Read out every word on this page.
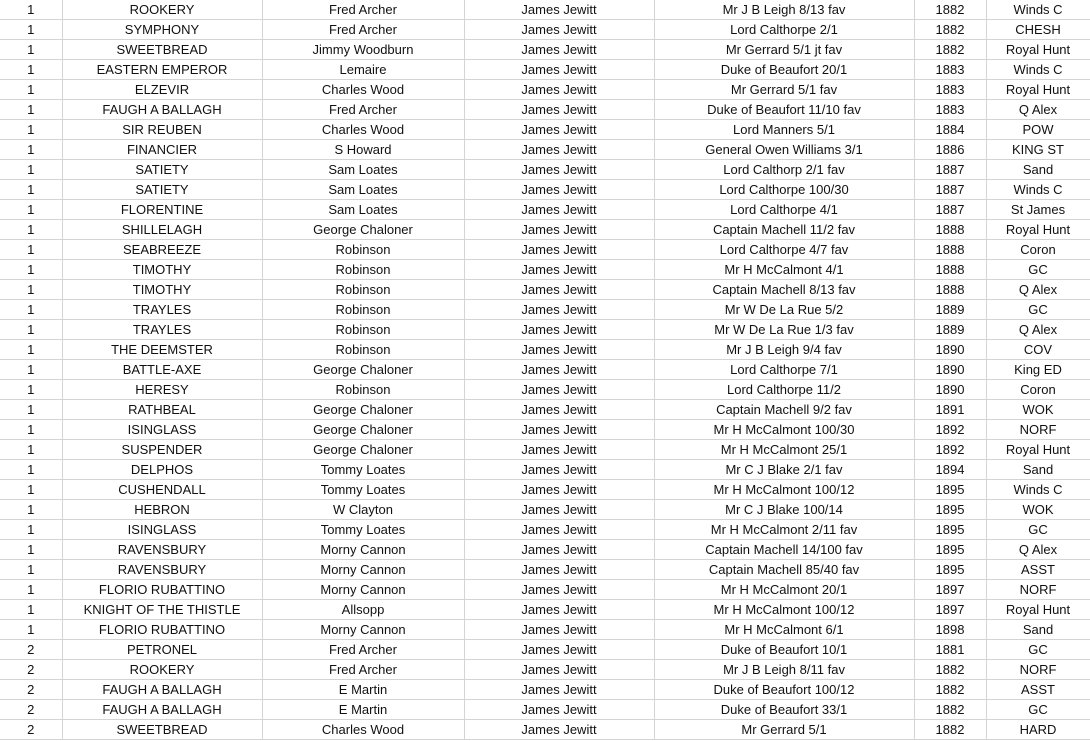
1	ROOKERY	Fred Archer	James Jewitt	Mr J B Leigh 8/13 fav	1882	Winds C
1	SYMPHONY	Fred Archer	James Jewitt	Lord Calthorpe 2/1	1882	CHESH
1	SWEETBREAD	Jimmy Woodburn	James Jewitt	Mr Gerrard 5/1 jt fav	1882	Royal Hunt
1	EASTERN EMPEROR	Lemaire	James Jewitt	Duke of Beaufort 20/1	1883	Winds C
1	ELZEVIR	Charles Wood	James Jewitt	Mr Gerrard 5/1 fav	1883	Royal Hunt
1	FAUGH A BALLAGH	Fred Archer	James Jewitt	Duke of Beaufort 11/10 fav	1883	Q Alex
1	SIR REUBEN	Charles Wood	James Jewitt	Lord Manners 5/1	1884	POW
1	FINANCIER	S Howard	James Jewitt	General Owen Williams 3/1	1886	KING ST
1	SATIETY	Sam Loates	James Jewitt	Lord Calthorp 2/1 fav	1887	Sand
1	SATIETY	Sam Loates	James Jewitt	Lord Calthorpe 100/30	1887	Winds C
1	FLORENTINE	Sam Loates	James Jewitt	Lord Calthorpe 4/1	1887	St James
1	SHILLELAGH	George Chaloner	James Jewitt	Captain Machell 11/2 fav	1888	Royal Hunt
1	SEABREEZE	Robinson	James Jewitt	Lord Calthorpe 4/7 fav	1888	Coron
1	TIMOTHY	Robinson	James Jewitt	Mr H McCalmont 4/1	1888	GC
1	TIMOTHY	Robinson	James Jewitt	Captain Machell 8/13 fav	1888	Q Alex
1	TRAYLES	Robinson	James Jewitt	Mr W De La Rue 5/2	1889	GC
1	TRAYLES	Robinson	James Jewitt	Mr W De La Rue 1/3 fav	1889	Q Alex
1	THE DEEMSTER	Robinson	James Jewitt	Mr J B Leigh 9/4 fav	1890	COV
1	BATTLE-AXE	George Chaloner	James Jewitt	Lord Calthorpe 7/1	1890	King ED
1	HERESY	Robinson	James Jewitt	Lord Calthorpe 11/2	1890	Coron
1	RATHBEAL	George Chaloner	James Jewitt	Captain Machell 9/2 fav	1891	WOK
1	ISINGLASS	George Chaloner	James Jewitt	Mr H McCalmont 100/30	1892	NORF
1	SUSPENDER	George Chaloner	James Jewitt	Mr H McCalmont 25/1	1892	Royal Hunt
1	DELPHOS	Tommy Loates	James Jewitt	Mr C J Blake 2/1 fav	1894	Sand
1	CUSHENDALL	Tommy Loates	James Jewitt	Mr H McCalmont 100/12	1895	Winds C
1	HEBRON	W Clayton	James Jewitt	Mr C J Blake 100/14	1895	WOK
1	ISINGLASS	Tommy Loates	James Jewitt	Mr H McCalmont 2/11 fav	1895	GC
1	RAVENSBURY	Morny Cannon	James Jewitt	Captain Machell 14/100 fav	1895	Q Alex
1	RAVENSBURY	Morny Cannon	James Jewitt	Captain Machell 85/40 fav	1895	ASST
1	FLORIO RUBATTINO	Morny Cannon	James Jewitt	Mr H McCalmont 20/1	1897	NORF
1	KNIGHT OF THE THISTLE	Allsopp	James Jewitt	Mr H McCalmont 100/12	1897	Royal Hunt
1	FLORIO RUBATTINO	Morny Cannon	James Jewitt	Mr H McCalmont 6/1	1898	Sand
2	PETRONEL	Fred Archer	James Jewitt	Duke of Beaufort 10/1	1881	GC
2	ROOKERY	Fred Archer	James Jewitt	Mr J B Leigh 8/11 fav	1882	NORF
2	FAUGH A BALLAGH	E Martin	James Jewitt	Duke of Beaufort 100/12	1882	ASST
2	FAUGH A BALLAGH	E Martin	James Jewitt	Duke of Beaufort 33/1	1882	GC
2	SWEETBREAD	Charles Wood	James Jewitt	Mr Gerrard 5/1	1882	HARD
